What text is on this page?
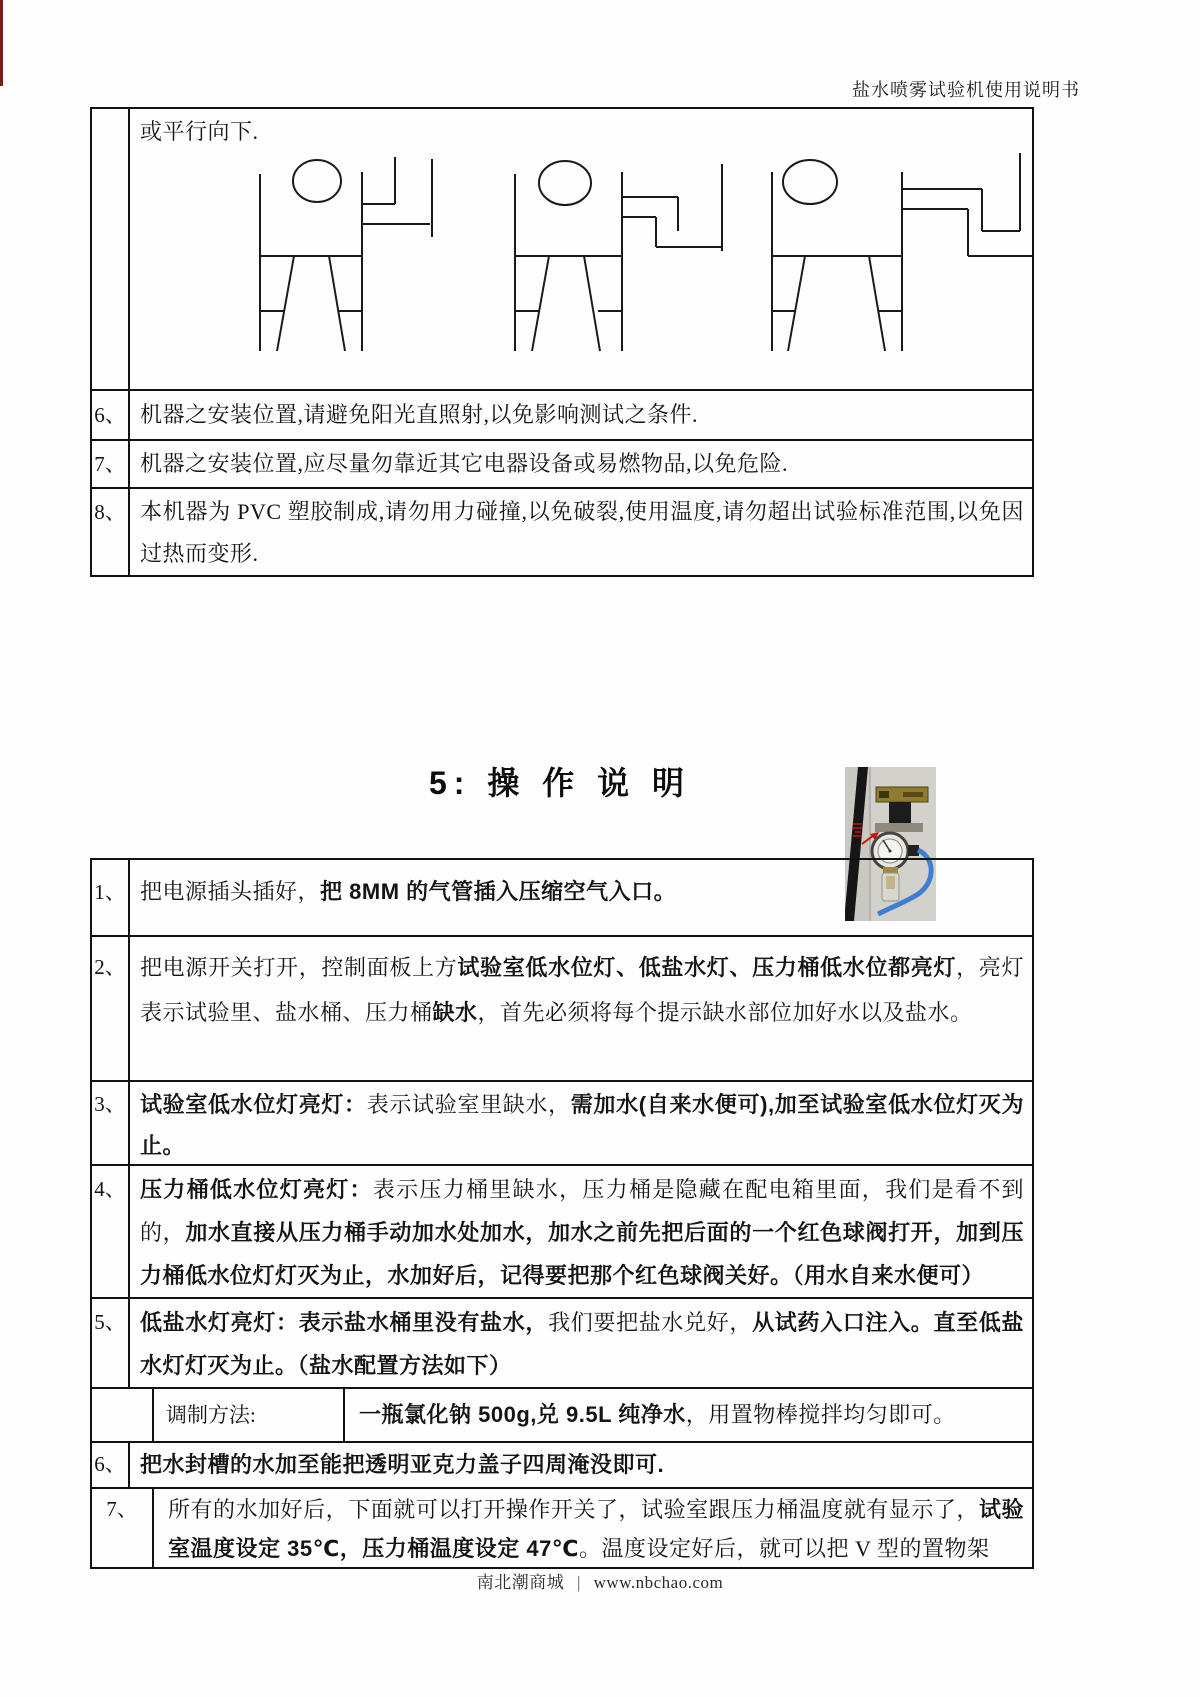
盐水喷雾试验机使用说明书
或平行向下.
6、 机器之安装位置,请避免阳光直照射,以免影响测试之条件.
7、 机器之安装位置,应尽量勿靠近其它电器设备或易燃物品,以免危险.
8、 本机器为 PVC 塑胶制成,请勿用力碰撞,以免破裂,使用温度,请勿超出试验标准范围,以免因过热而变形.
5: 操 作 说 明
1、 把电源插头插好，把 8MM 的气管插入压缩空气入口。
2、 把电源开关打开，控制面板上方试验室低水位灯、低盐水灯、压力桶低水位都亮灯，亮灯表示试验里、盐水桶、压力桶缺水，首先必须将每个提示缺水部位加好水以及盐水。
3、 试验室低水位灯亮灯：表示试验室里缺水，需加水(自来水便可),加至试验室低水位灯灭为止。
4、 压力桶低水位灯亮灯：表示压力桶里缺水，压力桶是隐藏在配电箱里面，我们是看不到的，加水直接从压力桶手动加水处加水，加水之前先把后面的一个红色球阀打开，加到压力桶低水位灯灯灭为止，水加好后，记得要把那个红色球阀关好。（用水自来水便可）
5、 低盐水灯亮灯：表示盐水桶里没有盐水，我们要把盐水兑好，从试药入口注入。直至低盐水灯灯灭为止。（盐水配置方法如下）
调制方法:	一瓶氯化钠 500g,兑 9.5L 纯净水，用置物棒搅拌均匀即可。
6、 把水封槽的水加至能把透明亚克力盖子四周淹没即可.
7、	所有的水加好后，下面就可以打开操作开关了，试验室跟压力桶温度就有显示了，试验室温度设定 35℃，压力桶温度设定 47℃。温度设定好后，就可以把 V 型的置物架
南北潮商城 | www.nbchao.com
